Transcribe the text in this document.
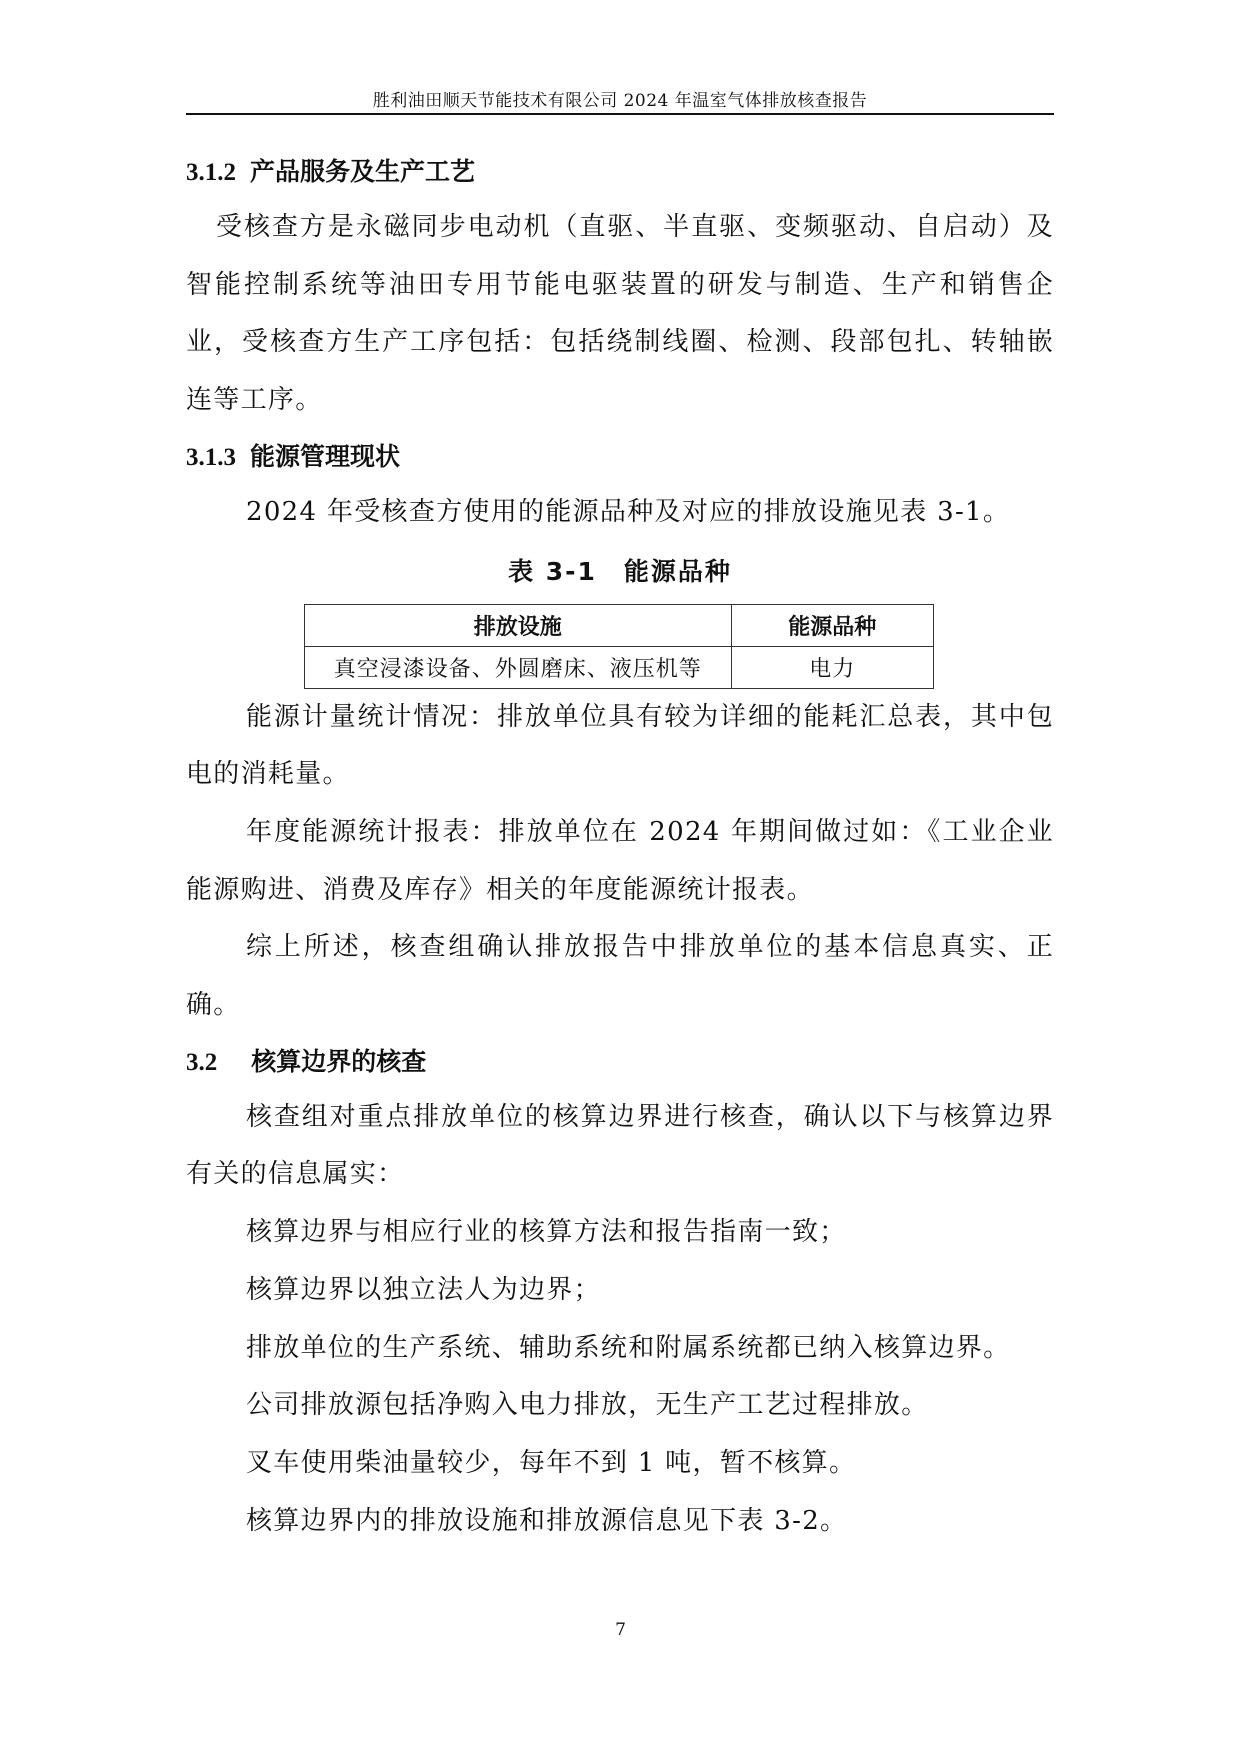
胜利油田顺天节能技术有限公司 2024 年温室气体排放核查报告
3.1.2 产品服务及生产工艺

受核查方是永磁同步电动机（直驱、半直驱、变频驱动、自启动）及智能控制系统等油田专用节能电驱装置的研发与制造、生产和销售企业，受核查方生产工序包括：包括绕制线圈、检测、段部包扎、转轴嵌连等工序。

3.1.3 能源管理现状

2024 年受核查方使用的能源品种及对应的排放设施见表 3-1。

表 3-1　能源品种
排放设施	能源品种
真空浸漆设备、外圆磨床、液压机等	电力

能源计量统计情况：排放单位具有较为详细的能耗汇总表，其中包电的消耗量。

年度能源统计报表：排放单位在 2024 年期间做过如：《工业企业能源购进、消费及库存》相关的年度能源统计报表。

综上所述，核查组确认排放报告中排放单位的基本信息真实、正确。

3.2 核算边界的核查

核查组对重点排放单位的核算边界进行核查，确认以下与核算边界有关的信息属实：

核算边界与相应行业的核算方法和报告指南一致；

核算边界以独立法人为边界；

排放单位的生产系统、辅助系统和附属系统都已纳入核算边界。

公司排放源包括净购入电力排放，无生产工艺过程排放。

叉车使用柴油量较少，每年不到 1 吨，暂不核算。

核算边界内的排放设施和排放源信息见下表 3-2。

7
